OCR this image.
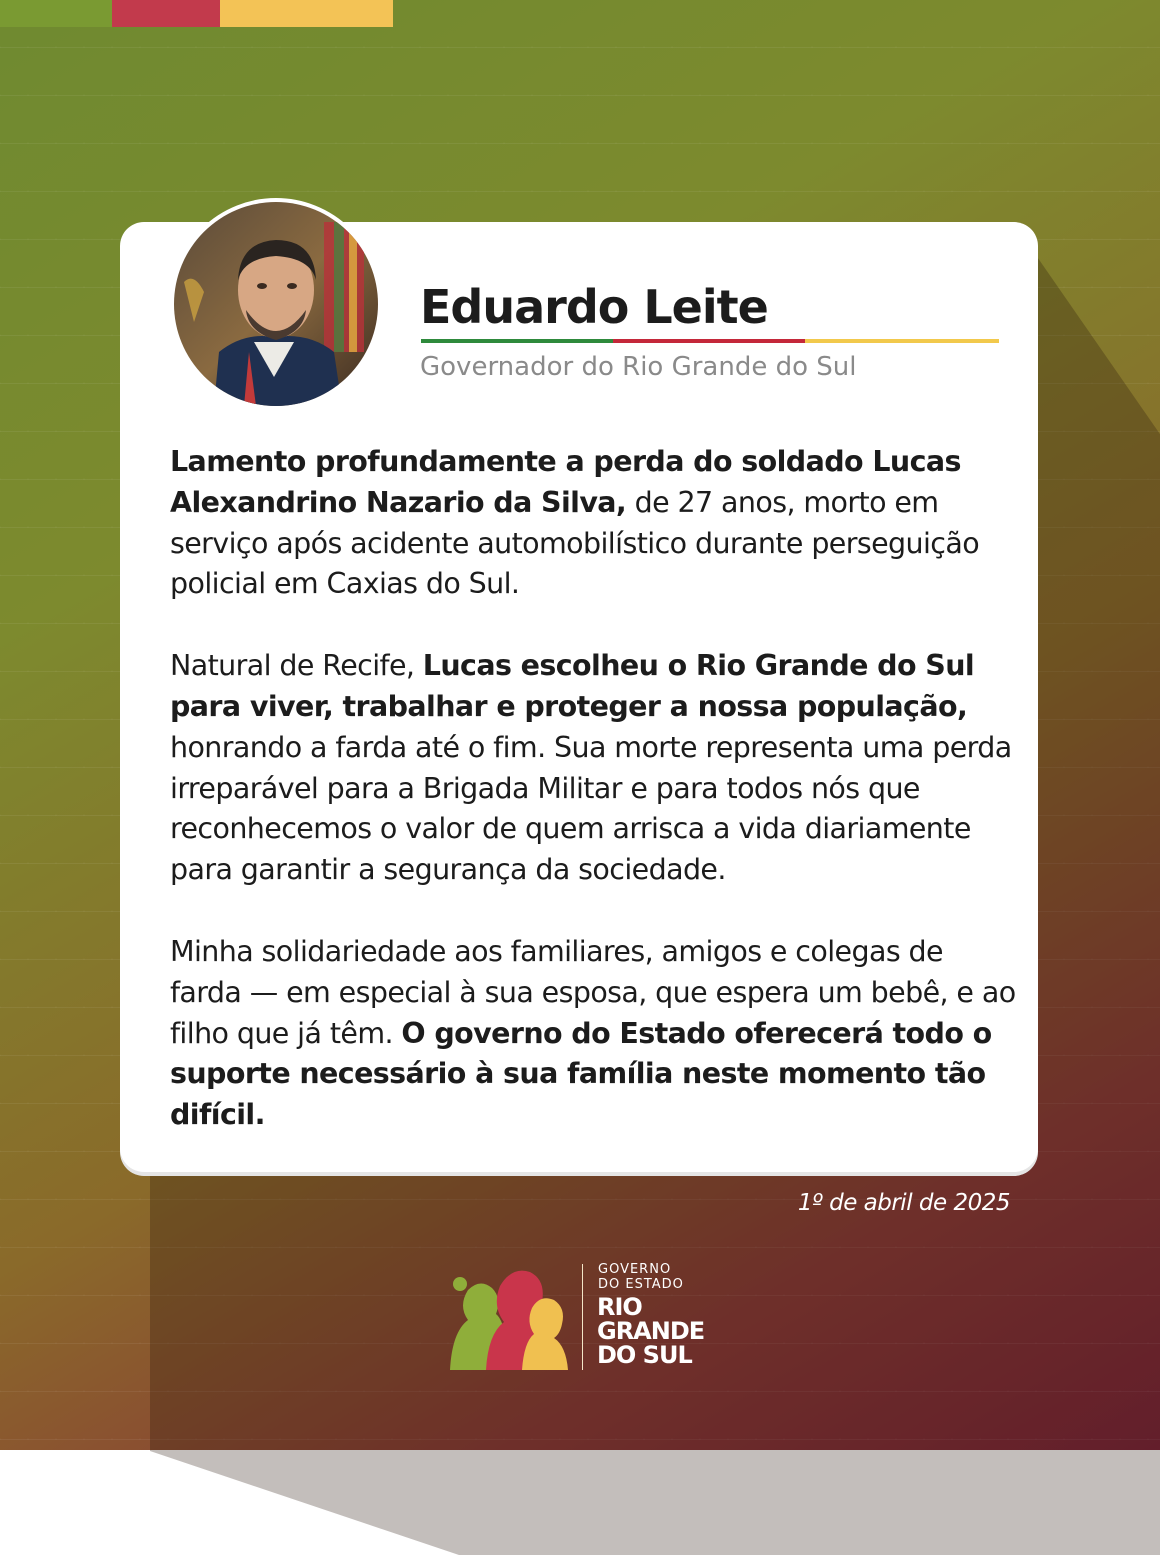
Eduardo Leite
Governador do Rio Grande do Sul

Lamento profundamente a perda do soldado Lucas Alexandrino Nazario da Silva, de 27 anos, morto em serviço após acidente automobilístico durante perseguição policial em Caxias do Sul.

Natural de Recife, Lucas escolheu o Rio Grande do Sul para viver, trabalhar e proteger a nossa população, honrando a farda até o fim. Sua morte representa uma perda irreparável para a Brigada Militar e para todos nós que reconhecemos o valor de quem arrisca a vida diariamente para garantir a segurança da sociedade.

Minha solidariedade aos familiares, amigos e colegas de farda — em especial à sua esposa, que espera um bebê, e ao filho que já têm. O governo do Estado oferecerá todo o suporte necessário à sua família neste momento tão difícil.

1º de abril de 2025
GOVERNO
DO ESTADO
RIO
GRANDE
DO SUL
